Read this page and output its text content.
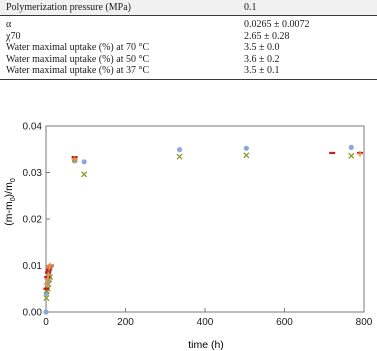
Polymerization pressure (MPa)	0.1
α	0.0265 ± 0.0072
χ70	2.65 ± 0.28
Water maximal uptake (%) at 70 °C	3.5 ± 0.0
Water maximal uptake (%) at 50 °C	3.6 ± 0.2
Water maximal uptake (%) at 37 °C	3.5 ± 0.1
0.00
0.01
0.02
0.03
0.04
0	200	400	600	800
time (h)
$(m-m_0)/m_0$
